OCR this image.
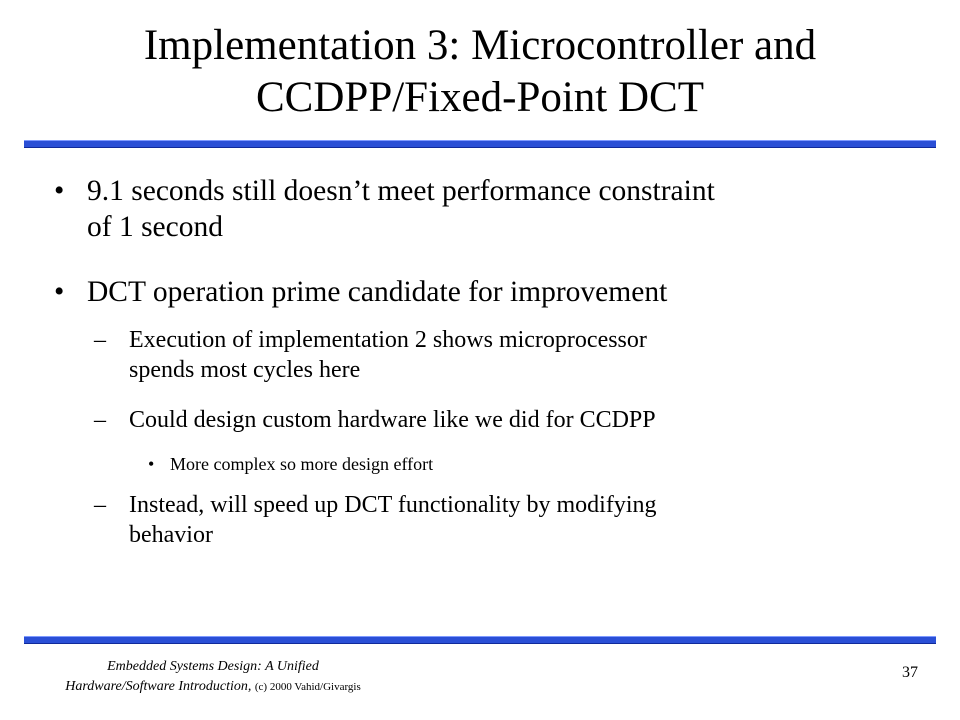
Implementation 3: Microcontroller and
CCDPP/Fixed-Point DCT
• 9.1 seconds still doesn’t meet performance constraint
of 1 second
• DCT operation prime candidate for improvement
– Execution of implementation 2 shows microprocessor
spends most cycles here
– Could design custom hardware like we did for CCDPP
• More complex so more design effort
– Instead, will speed up DCT functionality by modifying
behavior
Embedded Systems Design: A Unified
Hardware/Software Introduction, (c) 2000 Vahid/Givargis
37
